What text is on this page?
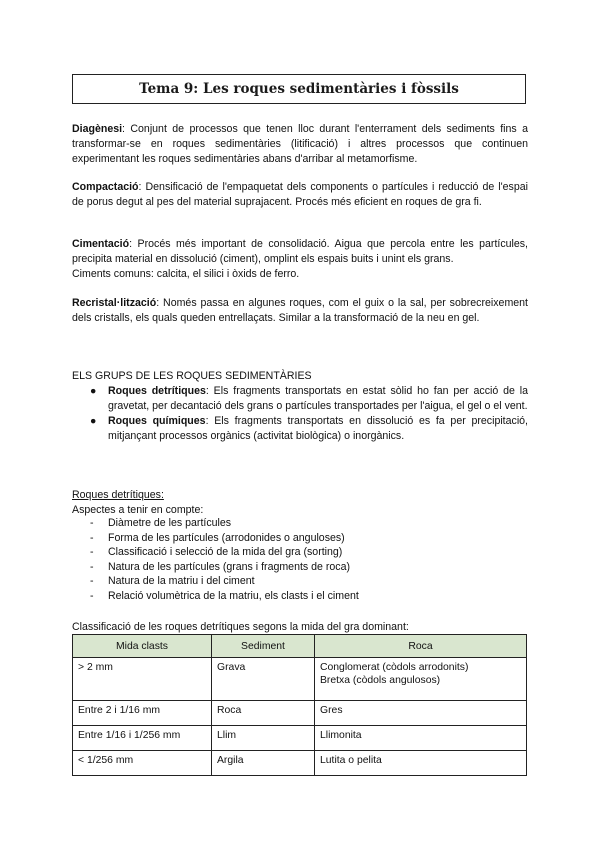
Tema 9: Les roques sedimentàries i fòssils

Diagènesi: Conjunt de processos que tenen lloc durant l'enterrament dels sediments fins a transformar-se en roques sedimentàries (litificació) i altres processos que continuen experimentant les roques sedimentàries abans d'arribar al metamorfisme.

Compactació: Densificació de l'empaquetat dels components o partícules i reducció de l'espai de porus degut al pes del material suprajacent. Procés més eficient en roques de gra fi.

Cimentació: Procés més important de consolidació. Aigua que percola entre les partícules, precipita material en dissolució (ciment), omplint els espais buits i unint els grans.
Ciments comuns: calcita, el silici i òxids de ferro.

Recristal·lització: Només passa en algunes roques, com el guix o la sal, per sobrecreixement dels cristalls, els quals queden entrellaçats. Similar a la transformació de la neu en gel.

ELS GRUPS DE LES ROQUES SEDIMENTÀRIES

● Roques detrítiques: Els fragments transportats en estat sòlid ho fan per acció de la gravetat, per decantació dels grans o partícules transportades per l'aigua, el gel o el vent.
● Roques químiques: Els fragments transportats en dissolució es fa per precipitació, mitjançant processos orgànics (activitat biològica) o inorgànics.

Roques detrítiques:

Aspectes a tenir en compte:

- Diàmetre de les partícules
- Forma de les partícules (arrodonides o anguloses)
- Classificació i selecció de la mida del gra (sorting)
- Natura de les partícules (grans i fragments de roca)
- Natura de la matriu i del ciment
- Relació volumètrica de la matriu, els clasts i el ciment

Classificació de les roques detrítiques segons la mida del gra dominant:

Mida clasts	Sediment	Roca
> 2 mm	Grava	Conglomerat (còdols arrodonits)
Bretxa (còdols angulosos)
Entre 2 i 1/16 mm	Roca	Gres
Entre 1/16 i 1/256 mm	Llim	Llimonita
< 1/256 mm	Argila	Lutita o pelita
